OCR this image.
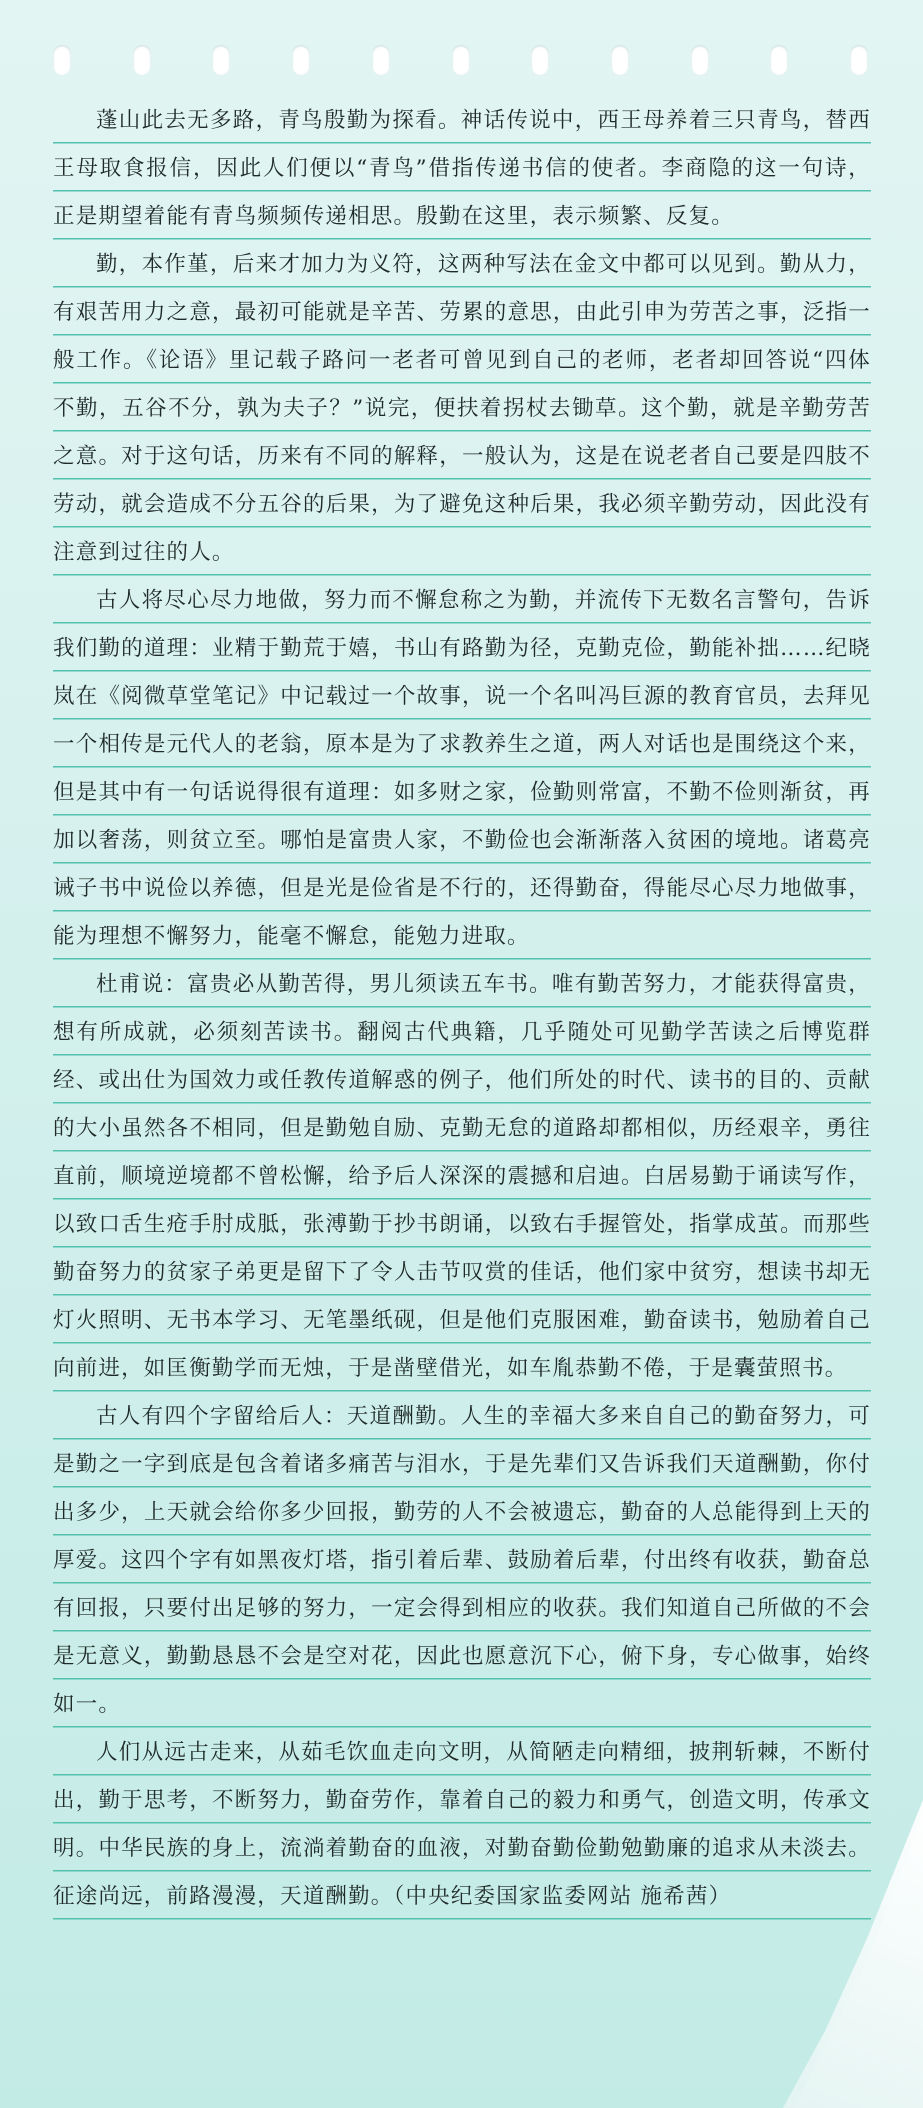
蓬山此去无多路，青鸟殷勤为探看。神话传说中，西王母养着三只青鸟，替西王母取食报信，因此人们便以“青鸟”借指传递书信的使者。李商隐的这一句诗，正是期望着能有青鸟频频传递相思。殷勤在这里，表示频繁、反复。

勤，本作堇，后来才加力为义符，这两种写法在金文中都可以见到。勤从力，有艰苦用力之意，最初可能就是辛苦、劳累的意思，由此引申为劳苦之事，泛指一般工作。《论语》里记载子路问一老者可曾见到自己的老师，老者却回答说“四体不勤，五谷不分，孰为夫子？”说完，便扶着拐杖去锄草。这个勤，就是辛勤劳苦之意。对于这句话，历来有不同的解释，一般认为，这是在说老者自己要是四肢不劳动，就会造成不分五谷的后果，为了避免这种后果，我必须辛勤劳动，因此没有注意到过往的人。

古人将尽心尽力地做，努力而不懈怠称之为勤，并流传下无数名言警句，告诉我们勤的道理：业精于勤荒于嬉，书山有路勤为径，克勤克俭，勤能补拙……纪晓岚在《阅微草堂笔记》中记载过一个故事，说一个名叫冯巨源的教育官员，去拜见一个相传是元代人的老翁，原本是为了求教养生之道，两人对话也是围绕这个来，但是其中有一句话说得很有道理：如多财之家，俭勤则常富，不勤不俭则渐贫，再加以奢荡，则贫立至。哪怕是富贵人家，不勤俭也会渐渐落入贫困的境地。诸葛亮诫子书中说俭以养德，但是光是俭省是不行的，还得勤奋，得能尽心尽力地做事，能为理想不懈努力，能毫不懈怠，能勉力进取。

杜甫说：富贵必从勤苦得，男儿须读五车书。唯有勤苦努力，才能获得富贵，想有所成就，必须刻苦读书。翻阅古代典籍，几乎随处可见勤学苦读之后博览群经、或出仕为国效力或任教传道解惑的例子，他们所处的时代、读书的目的、贡献的大小虽然各不相同，但是勤勉自励、克勤无怠的道路却都相似，历经艰辛，勇往直前，顺境逆境都不曾松懈，给予后人深深的震撼和启迪。白居易勤于诵读写作，以致口舌生疮手肘成胝，张溥勤于抄书朗诵，以致右手握管处，指掌成茧。而那些勤奋努力的贫家子弟更是留下了令人击节叹赏的佳话，他们家中贫穷，想读书却无灯火照明、无书本学习、无笔墨纸砚，但是他们克服困难，勤奋读书，勉励着自己向前进，如匡衡勤学而无烛，于是凿壁借光，如车胤恭勤不倦，于是囊萤照书。

古人有四个字留给后人：天道酬勤。人生的幸福大多来自自己的勤奋努力，可是勤之一字到底是包含着诸多痛苦与泪水，于是先辈们又告诉我们天道酬勤，你付出多少，上天就会给你多少回报，勤劳的人不会被遗忘，勤奋的人总能得到上天的厚爱。这四个字有如黑夜灯塔，指引着后辈、鼓励着后辈，付出终有收获，勤奋总有回报，只要付出足够的努力，一定会得到相应的收获。我们知道自己所做的不会是无意义，勤勤恳恳不会是空对花，因此也愿意沉下心，俯下身，专心做事，始终如一。

人们从远古走来，从茹毛饮血走向文明，从简陋走向精细，披荆斩棘，不断付出，勤于思考，不断努力，勤奋劳作，靠着自己的毅力和勇气，创造文明，传承文明。中华民族的身上，流淌着勤奋的血液，对勤奋勤俭勤勉勤廉的追求从未淡去。征途尚远，前路漫漫，天道酬勤。（中央纪委国家监委网站 施希茜）
